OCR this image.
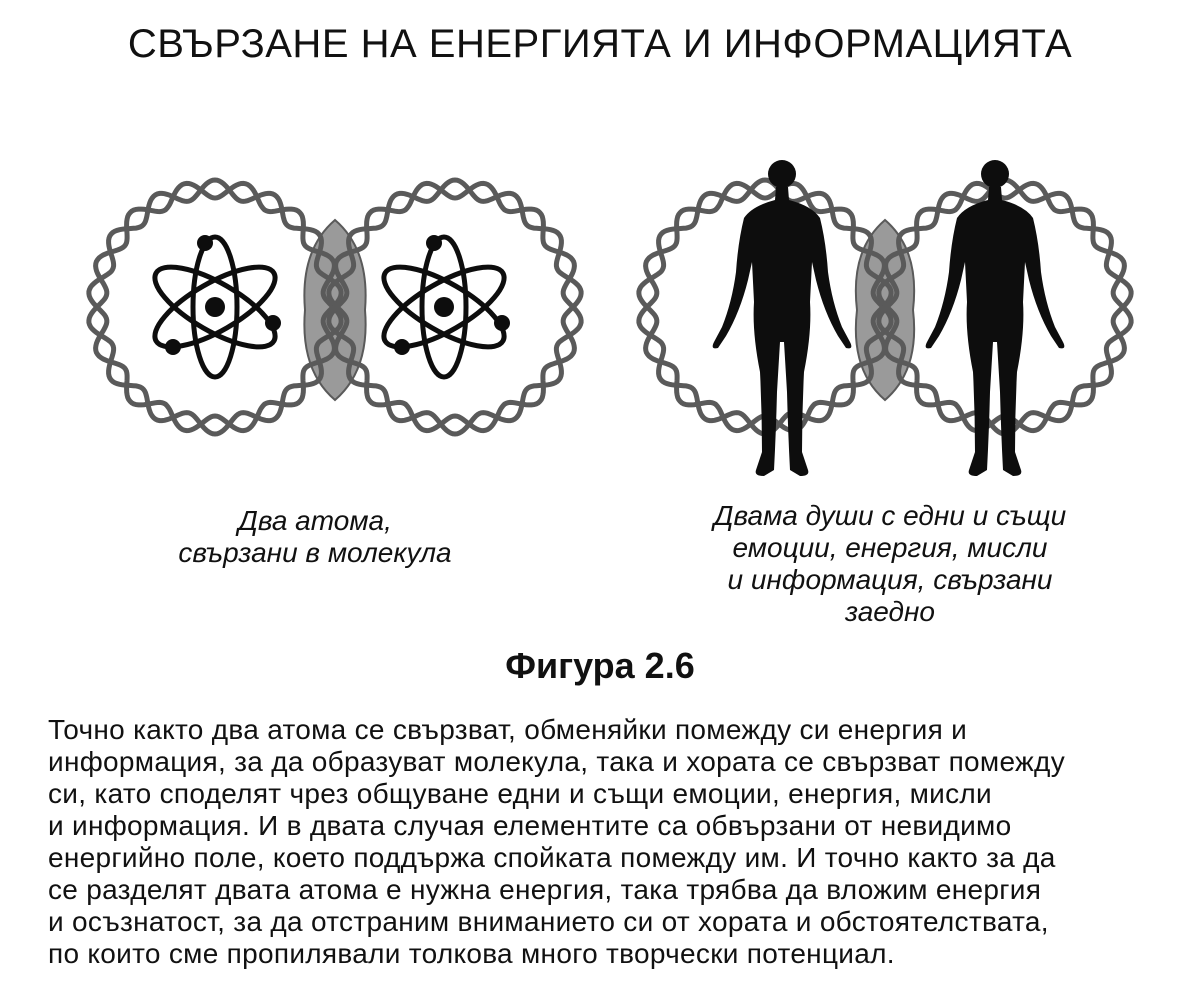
СВЪРЗАНЕ НА ЕНЕРГИЯТА И ИНФОРМАЦИЯТА
Два атома,
свързани в молекула
Двама души с едни и същи
емоции, енергия, мисли
и информация, свързани
заедно
Фигура 2.6
Точно както два атома се свързват, обменяйки помежду си енергия и
информация, за да образуват молекула, така и хората се свързват помежду
си, като споделят чрез общуване едни и същи емоции, енергия, мисли
и информация. И в двата случая елементите са обвързани от невидимо
енергийно поле, което поддържа спойката помежду им. И точно както за да
се разделят двата атома е нужна енергия, така трябва да вложим енергия
и осъзнатост, за да отстраним вниманието си от хората и обстоятелствата,
по които сме пропилявали толкова много творчески потенциал.
